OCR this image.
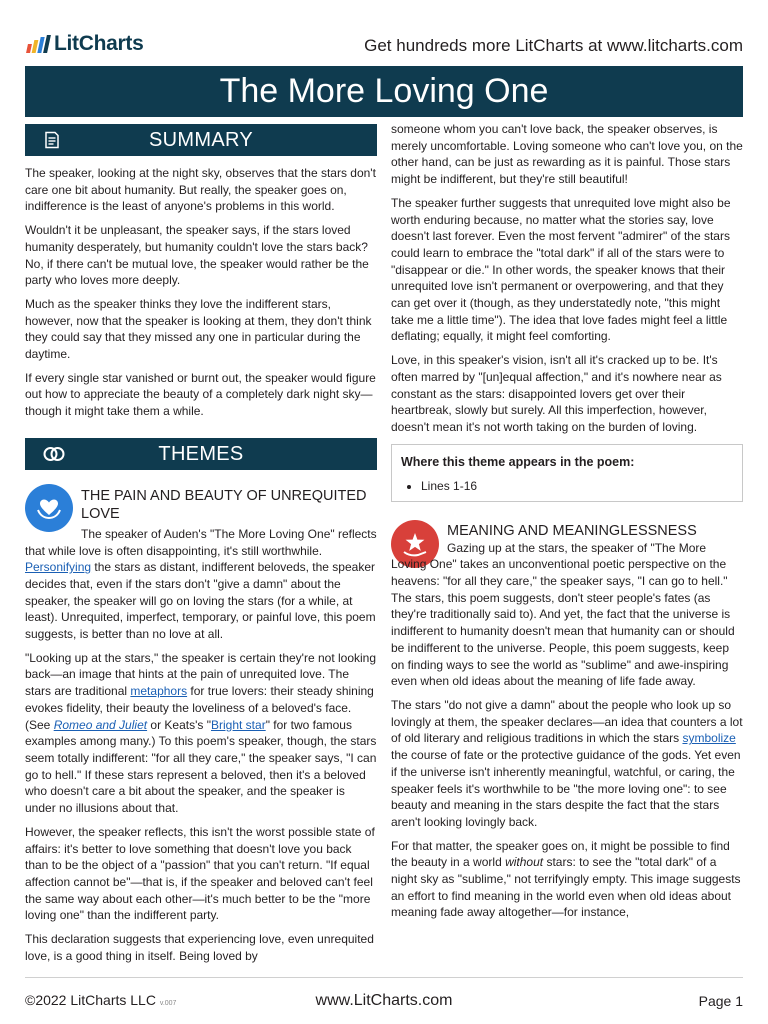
LitCharts	Get hundreds more LitCharts at www.litcharts.com
The More Loving One
SUMMARY

The speaker, looking at the night sky, observes that the stars don't care one bit about humanity. But really, the speaker goes on, indifference is the least of anyone's problems in this world.

Wouldn't it be unpleasant, the speaker says, if the stars loved humanity desperately, but humanity couldn't love the stars back? No, if there can't be mutual love, the speaker would rather be the party who loves more deeply.

Much as the speaker thinks they love the indifferent stars, however, now that the speaker is looking at them, they don't think they could say that they missed any one in particular during the daytime.

If every single star vanished or burnt out, the speaker would figure out how to appreciate the beauty of a completely dark night sky—though it might take them a while.

THEMES
THE PAIN AND BEAUTY OF UNREQUITED LOVE

The speaker of Auden's "The More Loving One" reflects that while love is often disappointing, it's still worthwhile. Personifying the stars as distant, indifferent beloveds, the speaker decides that, even if the stars don't "give a damn" about the speaker, the speaker will go on loving the stars (for a while, at least). Unrequited, imperfect, temporary, or painful love, this poem suggests, is better than no love at all.

"Looking up at the stars," the speaker is certain they're not looking back—an image that hints at the pain of unrequited love. The stars are traditional metaphors for true lovers: their steady shining evokes fidelity, their beauty the loveliness of a beloved's face. (See Romeo and Juliet or Keats's "Bright star" for two famous examples among many.) To this poem's speaker, though, the stars seem totally indifferent: "for all they care," the speaker says, "I can go to hell." If these stars represent a beloved, then it's a beloved who doesn't care a bit about the speaker, and the speaker is under no illusions about that.

However, the speaker reflects, this isn't the worst possible state of affairs: it's better to love something that doesn't love you back than to be the object of a "passion" that you can't return. "If equal affection cannot be"—that is, if the speaker and beloved can't feel the same way about each other—it's much better to be the "more loving one" than the indifferent party.

This declaration suggests that experiencing love, even unrequited love, is a good thing in itself. Being loved by

someone whom you can't love back, the speaker observes, is merely uncomfortable. Loving someone who can't love you, on the other hand, can be just as rewarding as it is painful. Those stars might be indifferent, but they're still beautiful!

The speaker further suggests that unrequited love might also be worth enduring because, no matter what the stories say, love doesn't last forever. Even the most fervent "admirer" of the stars could learn to embrace the "total dark" if all of the stars were to "disappear or die." In other words, the speaker knows that their unrequited love isn't permanent or overpowering, and that they can get over it (though, as they understatedly note, "this might take me a little time"). The idea that love fades might feel a little deflating; equally, it might feel comforting.

Love, in this speaker's vision, isn't all it's cracked up to be. It's often marred by "[un]equal affection," and it's nowhere near as constant as the stars: disappointed lovers get over their heartbreak, slowly but surely. All this imperfection, however, doesn't mean it's not worth taking on the burden of loving.

Where this theme appears in the poem:
• Lines 1-16
MEANING AND MEANINGLESSNESS

Gazing up at the stars, the speaker of "The More Loving One" takes an unconventional poetic perspective on the heavens: "for all they care," the speaker says, "I can go to hell." The stars, this poem suggests, don't steer people's fates (as they're traditionally said to). And yet, the fact that the universe is indifferent to humanity doesn't mean that humanity can or should be indifferent to the universe. People, this poem suggests, keep on finding ways to see the world as "sublime" and awe-inspiring even when old ideas about the meaning of life fade away.

The stars "do not give a damn" about the people who look up so lovingly at them, the speaker declares—an idea that counters a lot of old literary and religious traditions in which the stars symbolize the course of fate or the protective guidance of the gods. Yet even if the universe isn't inherently meaningful, watchful, or caring, the speaker feels it's worthwhile to be "the more loving one": to see beauty and meaning in the stars despite the fact that the stars aren't looking lovingly back.

For that matter, the speaker goes on, it might be possible to find the beauty in a world without stars: to see the "total dark" of a night sky as "sublime," not terrifyingly empty. This image suggests an effort to find meaning in the world even when old ideas about meaning fade away altogether—for instance,

©2022 LitCharts LLC v.007	www.LitCharts.com	Page 1
